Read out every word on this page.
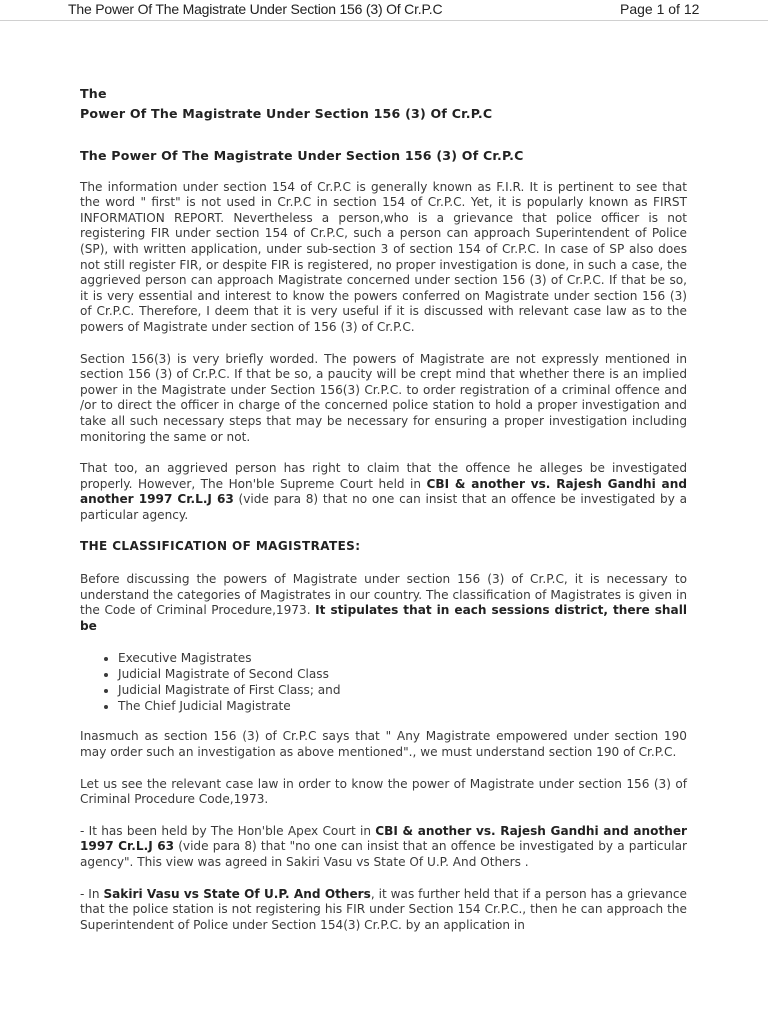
The Power Of The Magistrate Under Section 156 (3) Of Cr.P.C	Page 1 of 12
The
Power Of The Magistrate Under Section 156 (3) Of Cr.P.C
The Power Of The Magistrate Under Section 156 (3) Of Cr.P.C

The information under section 154 of Cr.P.C is generally known as F.I.R. It is pertinent to see that the word " first" is not used in Cr.P.C in section 154 of Cr.P.C. Yet, it is popularly known as FIRST INFORMATION REPORT. Nevertheless a person,who is a grievance that police officer is not registering FIR under section 154 of Cr.P.C, such a person can approach Superintendent of Police (SP), with written application, under sub-section 3 of section 154 of Cr.P.C. In case of SP also does not still register FIR, or despite FIR is registered, no proper investigation is done, in such a case, the aggrieved person can approach Magistrate concerned under section 156 (3) of Cr.P.C. If that be so, it is very essential and interest to know the powers conferred on Magistrate under section 156 (3) of Cr.P.C. Therefore, I deem that it is very useful if it is discussed with relevant case law as to the powers of Magistrate under section of 156 (3) of Cr.P.C.

Section 156(3) is very briefly worded. The powers of Magistrate are not expressly mentioned in section 156 (3) of Cr.P.C. If that be so, a paucity will be crept mind that whether there is an implied power in the Magistrate under Section 156(3) Cr.P.C. to order registration of a criminal offence and /or to direct the officer in charge of the concerned police station to hold a proper investigation and take all such necessary steps that may be necessary for ensuring a proper investigation including monitoring the same or not.

That too, an aggrieved person has right to claim that the offence he alleges be investigated properly. However, The Hon'ble Supreme Court held in CBI & another vs. Rajesh Gandhi and another 1997 Cr.L.J 63 (vide para 8) that no one can insist that an offence be investigated by a particular agency.

THE CLASSIFICATION OF MAGISTRATES:

Before discussing the powers of Magistrate under section 156 (3) of Cr.P.C, it is necessary to understand the categories of Magistrates in our country. The classification of Magistrates is given in the Code of Criminal Procedure,1973. It stipulates that in each sessions district, there shall be

• Executive Magistrates
• Judicial Magistrate of Second Class
• Judicial Magistrate of First Class; and
• The Chief Judicial Magistrate

Inasmuch as section 156 (3) of Cr.P.C says that " Any Magistrate empowered under section 190 may order such an investigation as above mentioned"., we must understand section 190 of Cr.P.C.

Let us see the relevant case law in order to know the power of Magistrate under section 156 (3) of Criminal Procedure Code,1973.

- It has been held by The Hon'ble Apex Court in CBI & another vs. Rajesh Gandhi and another 1997 Cr.L.J 63 (vide para 8) that "no one can insist that an offence be investigated by a particular agency". This view was agreed in Sakiri Vasu vs State Of U.P. And Others .

- In Sakiri Vasu vs State Of U.P. And Others, it was further held that if a person has a grievance that the police station is not registering his FIR under Section 154 Cr.P.C., then he can approach the Superintendent of Police under Section 154(3) Cr.P.C. by an application in
